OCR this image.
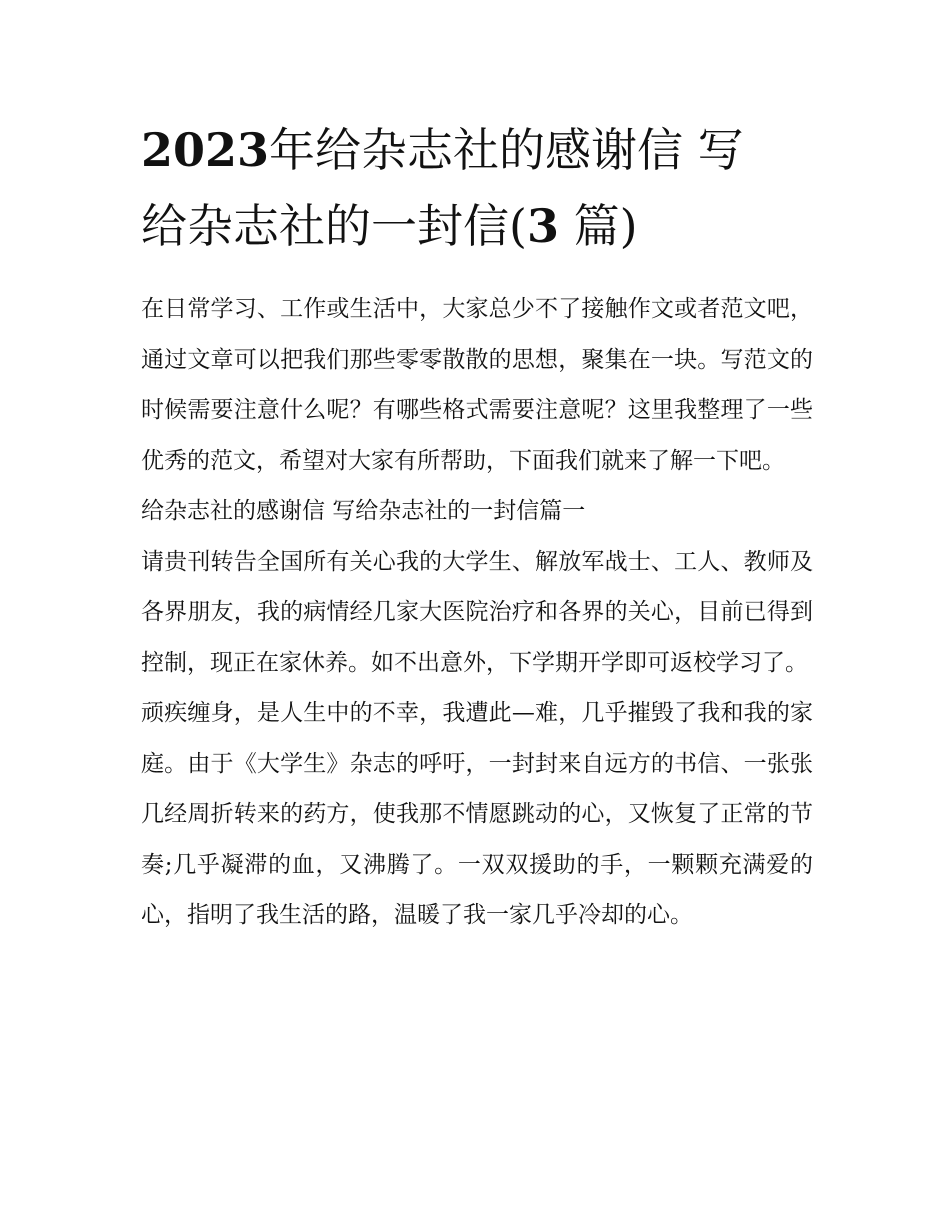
2023年给杂志社的感谢信 写
给杂志社的一封信(3 篇)

在日常学习、工作或生活中，大家总少不了接触作文或者范文吧，通过文章可以把我们那些零零散散的思想，聚集在一块。写范文的时候需要注意什么呢？有哪些格式需要注意呢？这里我整理了一些优秀的范文，希望对大家有所帮助，下面我们就来了解一下吧。

给杂志社的感谢信 写给杂志社的一封信篇一

请贵刊转告全国所有关心我的大学生、解放军战士、工人、教师及各界朋友，我的病情经几家大医院治疗和各界的关心，目前已得到控制，现正在家休养。如不出意外，下学期开学即可返校学习了。

顽疾缠身，是人生中的不幸，我遭此—难，几乎摧毁了我和我的家庭。由于《大学生》杂志的呼吁，一封封来自远方的书信、一张张几经周折转来的药方，使我那不情愿跳动的心，又恢复了正常的节奏;几乎凝滞的血，又沸腾了。一双双援助的手，一颗颗充满爱的心，指明了我生活的路，温暖了我一家几乎冷却的心。
